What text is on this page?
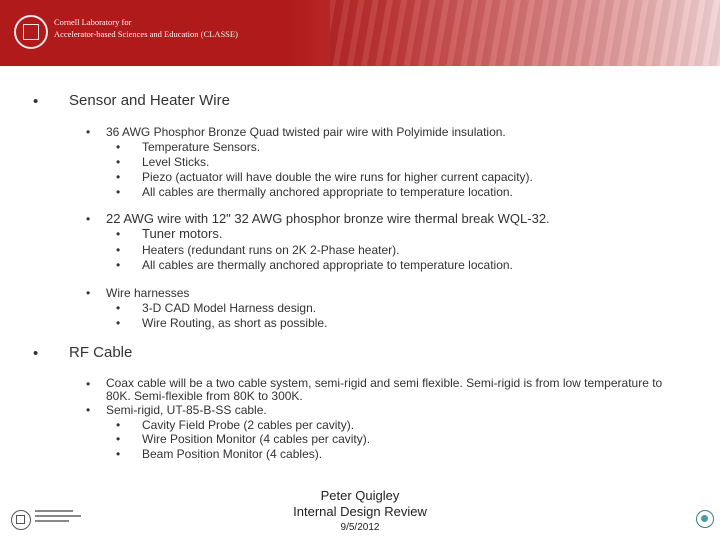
Cornell Laboratory for
Accelerator-based Sciences and Education (CLASSE)
• Sensor and Heater Wire
• 36 AWG Phosphor Bronze Quad twisted pair wire with Polyimide insulation.
• Temperature Sensors.
• Level Sticks.
• Piezo (actuator will have double the wire runs for higher current capacity).
• All cables are thermally anchored appropriate to temperature location.
• 22 AWG wire with 12" 32 AWG phosphor bronze wire thermal break WQL-32.
• Tuner motors.
• Heaters (redundant runs on 2K 2-Phase heater).
• All cables are thermally anchored appropriate to temperature location.
• Wire harnesses
• 3-D CAD Model Harness design.
• Wire Routing, as short as possible.
• RF Cable
• Coax cable will be a two cable system, semi-rigid and semi flexible. Semi-rigid is from low temperature to 80K. Semi-flexible from 80K to 300K.
• Semi-rigid, UT-85-B-SS cable.
• Cavity Field Probe (2 cables per cavity).
• Wire Position Monitor (4 cables per cavity).
• Beam Position Monitor (4 cables).
Peter Quigley
Internal Design Review
9/5/2012
